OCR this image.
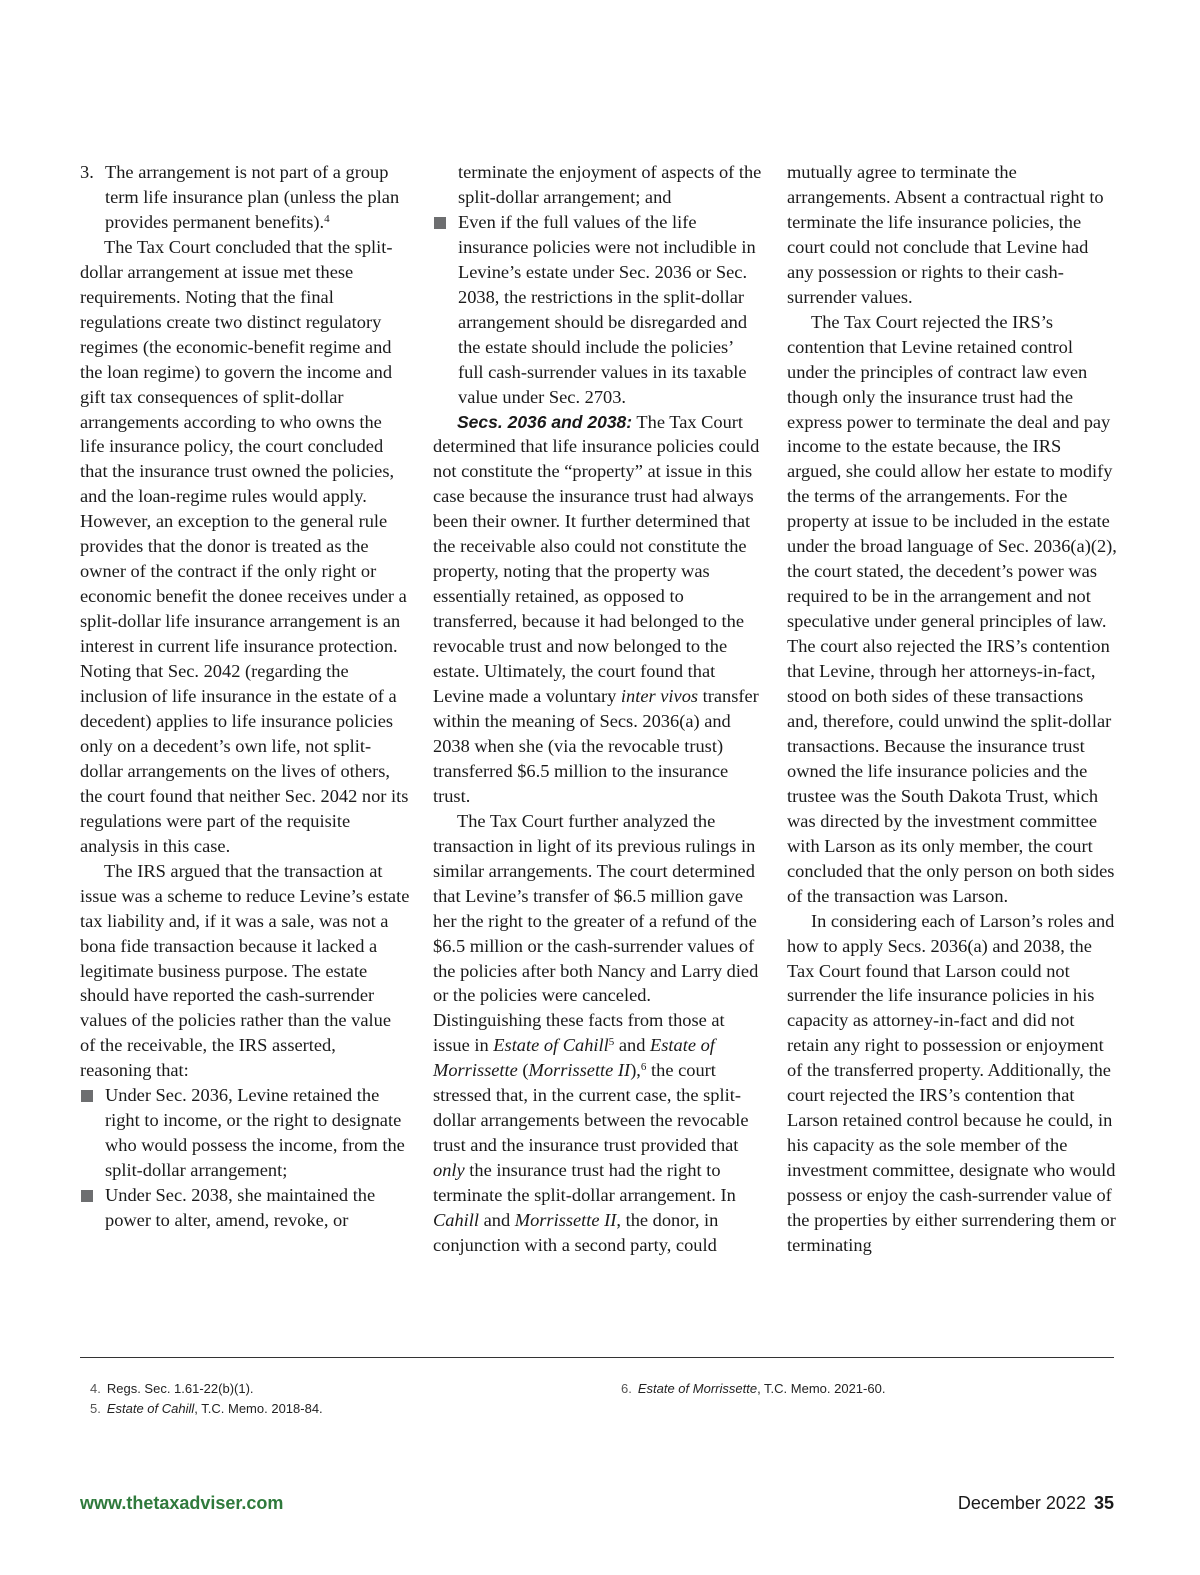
3. The arrangement is not part of a group term life insurance plan (unless the plan provides permanent benefits).$^4$

The Tax Court concluded that the split-dollar arrangement at issue met these requirements. Noting that the final regulations create two distinct regulatory regimes (the economic-benefit regime and the loan regime) to govern the income and gift tax consequences of split-dollar arrangements according to who owns the life insurance policy, the court concluded that the insurance trust owned the policies, and the loan-regime rules would apply. However, an exception to the general rule provides that the donor is treated as the owner of the contract if the only right or economic benefit the donee receives under a split-dollar life insurance arrangement is an interest in current life insurance protection. Noting that Sec. 2042 (regarding the inclusion of life insurance in the estate of a decedent) applies to life insurance policies only on a decedent’s own life, not split-dollar arrangements on the lives of others, the court found that neither Sec. 2042 nor its regulations were part of the requisite analysis in this case.

The IRS argued that the transaction at issue was a scheme to reduce Levine’s estate tax liability and, if it was a sale, was not a bona fide transaction because it lacked a legitimate business purpose. The estate should have reported the cash-surrender values of the policies rather than the value of the receivable, the IRS asserted, reasoning that:

Under Sec. 2036, Levine retained the right to income, or the right to designate who would possess the income, from the split-dollar arrangement;
Under Sec. 2038, she maintained the power to alter, amend, revoke, or
terminate the enjoyment of aspects of the split-dollar arrangement; and
Even if the full values of the life insurance policies were not includible in Levine’s estate under Sec. 2036 or Sec. 2038, the restrictions in the split-dollar arrangement should be disregarded and the estate should include the policies’ full cash-surrender values in its taxable value under Sec. 2703.

Secs. 2036 and 2038: The Tax Court determined that life insurance policies could not constitute the “property” at issue in this case because the insurance trust had always been their owner. It further determined that the receivable also could not constitute the property, noting that the property was essentially retained, as opposed to transferred, because it had belonged to the revocable trust and now belonged to the estate. Ultimately, the court found that Levine made a voluntary inter vivos transfer within the meaning of Secs. 2036(a) and 2038 when she (via the revocable trust) transferred $6.5 million to the insurance trust.

The Tax Court further analyzed the transaction in light of its previous rulings in similar arrangements. The court determined that Levine’s transfer of $6.5 million gave her the right to the greater of a refund of the $6.5 million or the cash-surrender values of the policies after both Nancy and Larry died or the policies were canceled. Distinguishing these facts from those at issue in Estate of Cahill$^5$ and Estate of Morrissette (Morrissette II),$^6$ the court stressed that, in the current case, the split-dollar arrangements between the revocable trust and the insurance trust provided that only the insurance trust had the right to terminate the split-dollar arrangement. In Cahill and Morrissette II, the donor, in conjunction with a second party, could

mutually agree to terminate the arrangements. Absent a contractual right to terminate the life insurance policies, the court could not conclude that Levine had any possession or rights to their cash-surrender values.

The Tax Court rejected the IRS’s contention that Levine retained control under the principles of contract law even though only the insurance trust had the express power to terminate the deal and pay income to the estate because, the IRS argued, she could allow her estate to modify the terms of the arrangements. For the property at issue to be included in the estate under the broad language of Sec. 2036(a)(2), the court stated, the decedent’s power was required to be in the arrangement and not speculative under general principles of law. The court also rejected the IRS’s contention that Levine, through her attorneys-in-fact, stood on both sides of these transactions and, therefore, could unwind the split-dollar transactions. Because the insurance trust owned the life insurance policies and the trustee was the South Dakota Trust, which was directed by the investment committee with Larson as its only member, the court concluded that the only person on both sides of the transaction was Larson.

In considering each of Larson’s roles and how to apply Secs. 2036(a) and 2038, the Tax Court found that Larson could not surrender the life insurance policies in his capacity as attorney-in-fact and did not retain any right to possession or enjoyment of the transferred property. Additionally, the court rejected the IRS’s contention that Larson retained control because he could, in his capacity as the sole member of the investment committee, designate who would possess or enjoy the cash-surrender value of the properties by either surrendering them or terminating

4. Regs. Sec. 1.61-22(b)(1).
5. Estate of Cahill, T.C. Memo. 2018-84.
6. Estate of Morrissette, T.C. Memo. 2021-60.
www.thetaxadviser.com	December 2022 35
